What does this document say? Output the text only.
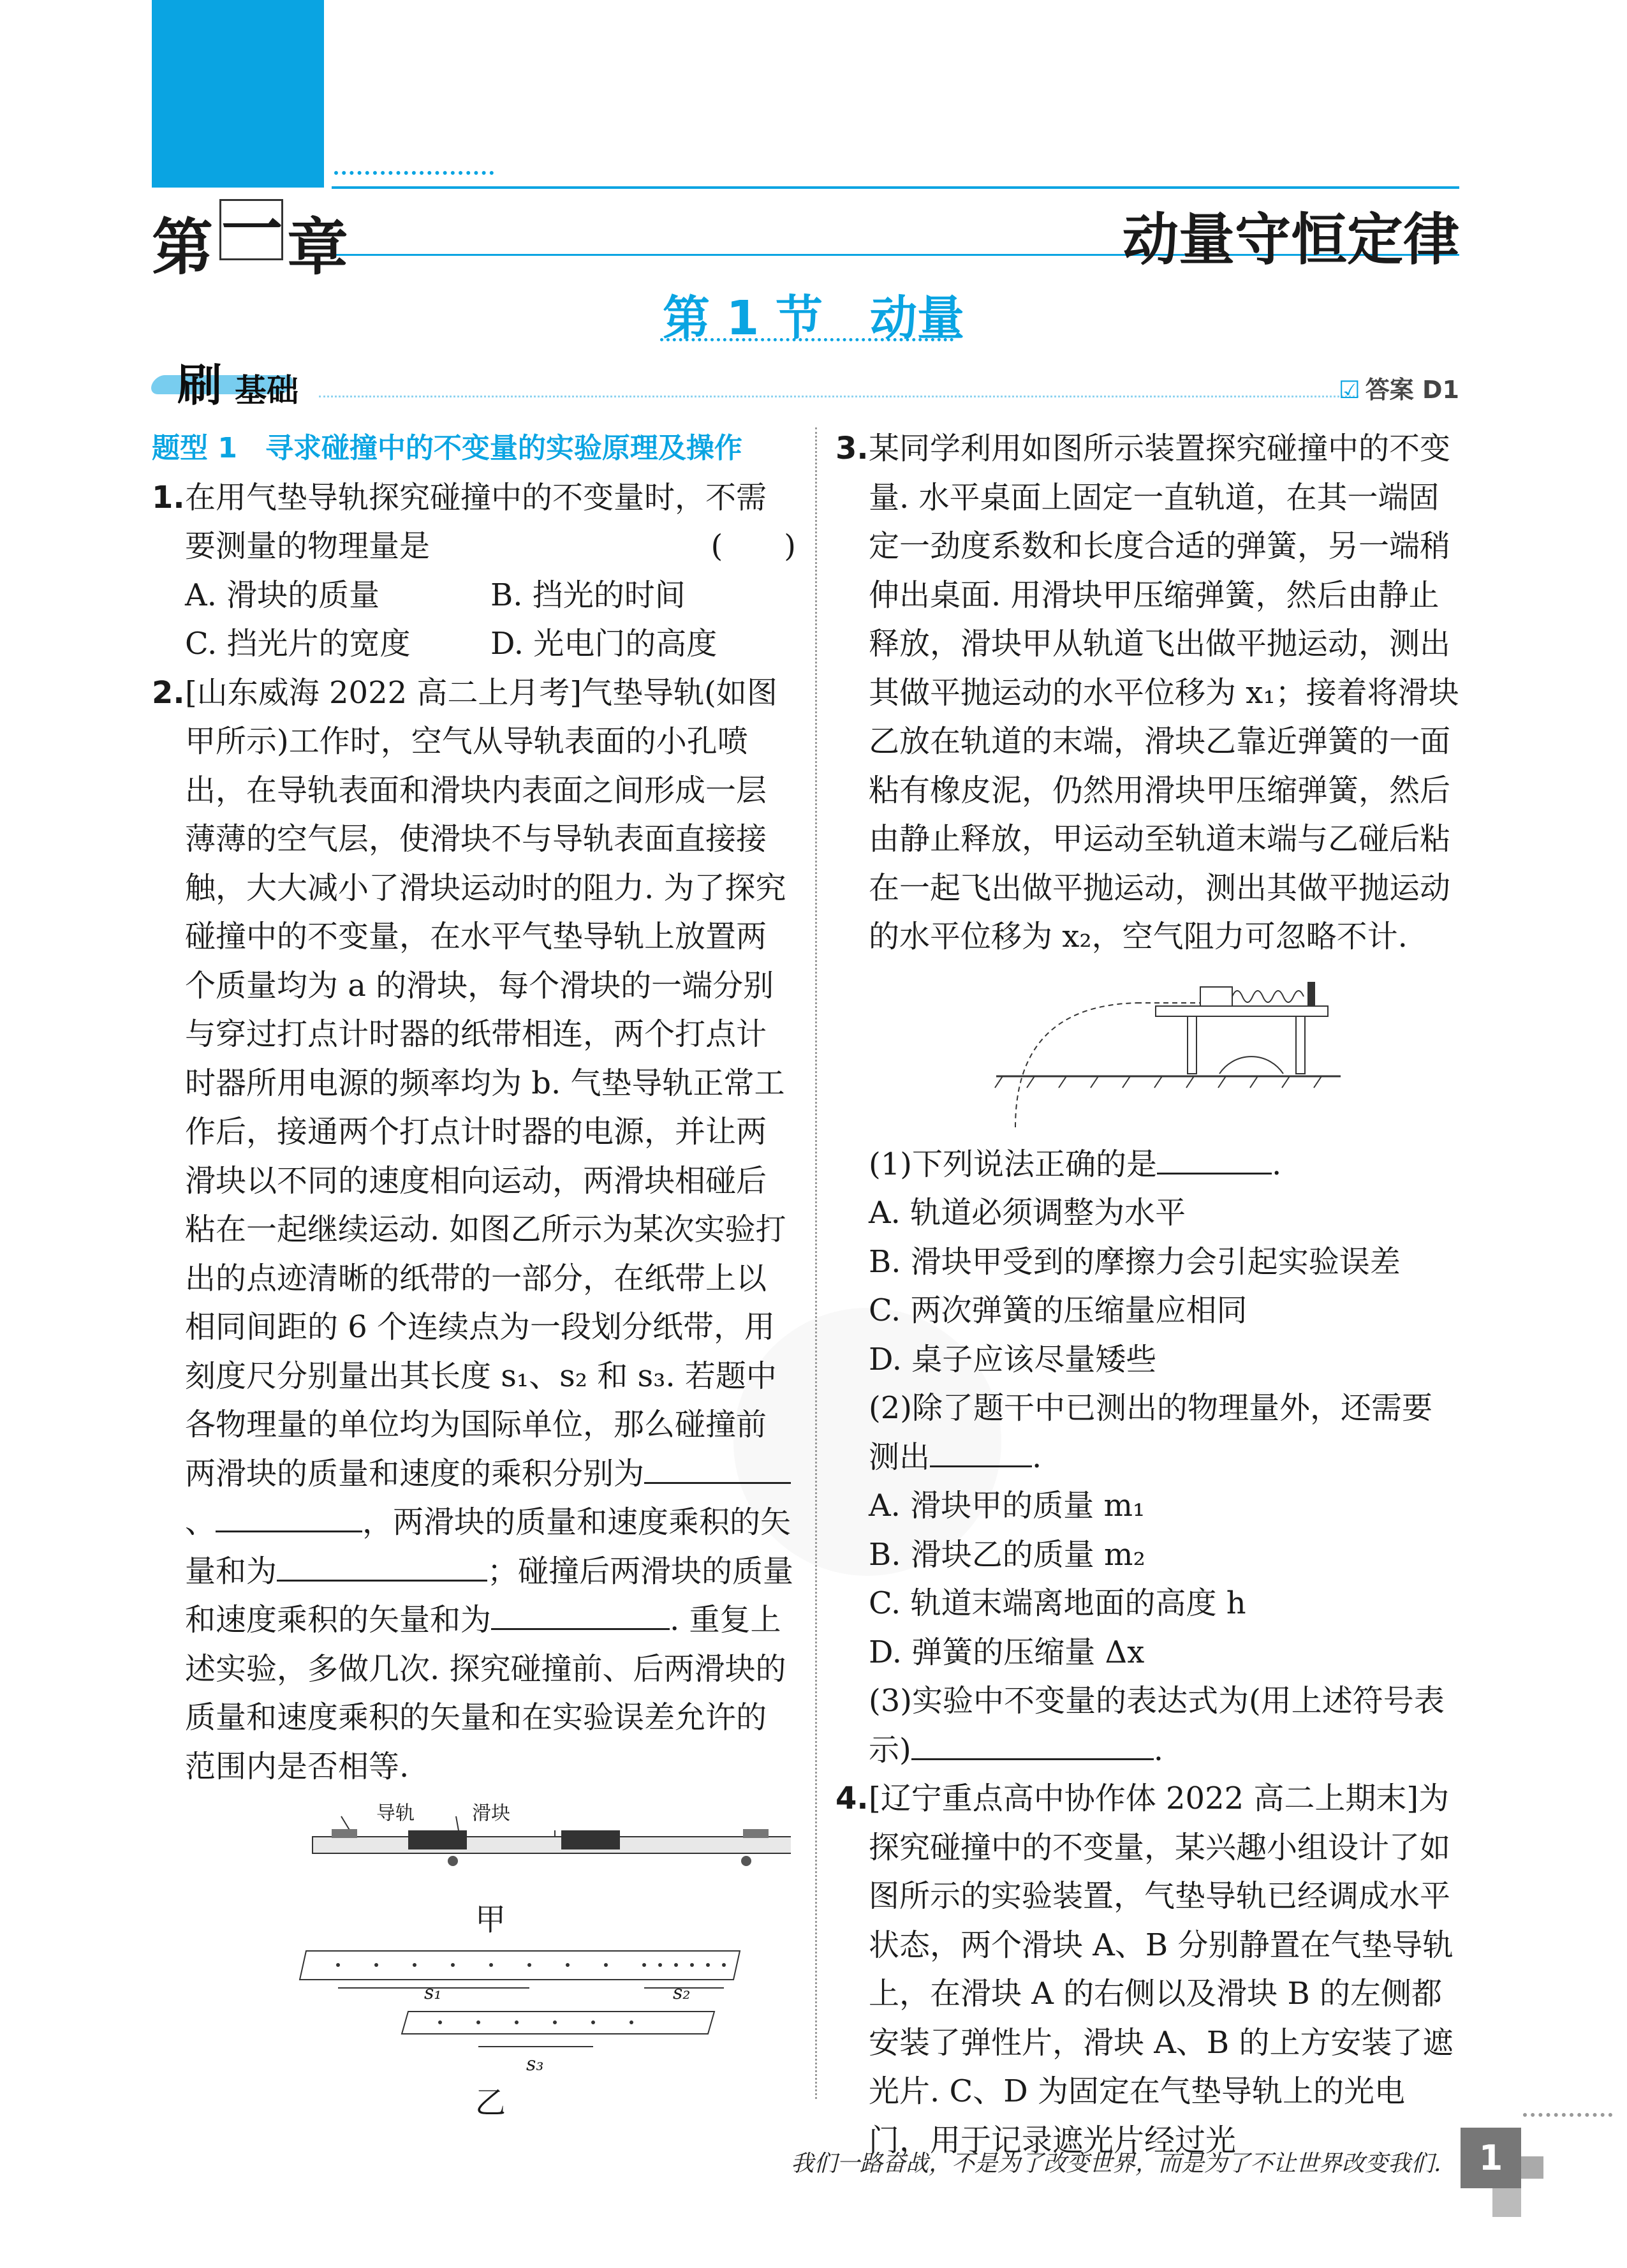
第一章	动量守恒定律
第 1 节　动量
刷 基础	☑ 答案 D1
题型 1　 寻求碰撞中的不变量的实验原理及操作
1. 在用气垫导轨探究碰撞中的不变量时，不需要测量的物理量是	(　　)
A. 滑块的质量	B. 挡光的时间
C. 挡光片的宽度	D. 光电门的高度
2. [山东威海 2022 高二上月考]气垫导轨(如图甲所示)工作时，空气从导轨表面的小孔喷出，在导轨表面和滑块内表面之间形成一层薄薄的空气层，使滑块不与导轨表面直接接触，大大减小了滑块运动时的阻力. 为了探究碰撞中的不变量，在水平气垫导轨上放置两个质量均为 a 的滑块，每个滑块的一端分别与穿过打点计时器的纸带相连，两个打点计时器所用电源的频率均为 b. 气垫导轨正常工作后，接通两个打点计时器的电源，并让两滑块以不同的速度相向运动，两滑块相碰后粘在一起继续运动. 如图乙所示为某次实验打出的点迹清晰的纸带的一部分，在纸带上以相同间距的 6 个连续点为一段划分纸带，用刻度尺分别量出其长度 s₁、s₂ 和 s₃. 若题中各物理量的单位均为国际单位，那么碰撞前两滑块的质量和速度的乘积分别为、	，两滑块的质量和速度乘积的矢量和为	；碰撞后两滑块的质量和速度乘积的矢量和为	. 重复上述实验，多做几次. 探究碰撞前、后两滑块的质量和速度乘积的矢量和在实验误差允许的范围内是否相等.
导轨	滑块
甲
s₁	s₂
s₃
乙
3. 某同学利用如图所示装置探究碰撞中的不变量. 水平桌面上固定一直轨道，在其一端固定一劲度系数和长度合适的弹簧，另一端稍伸出桌面. 用滑块甲压缩弹簧，然后由静止释放，滑块甲从轨道飞出做平抛运动，测出其做平抛运动的水平位移为 x₁；接着将滑块乙放在轨道的末端，滑块乙靠近弹簧的一面粘有橡皮泥，仍然用滑块甲压缩弹簧，然后由静止释放，甲运动至轨道末端与乙碰后粘在一起飞出做平抛运动，测出其做平抛运动的水平位移为 x₂，空气阻力可忽略不计.
(1)下列说法正确的是	.
A. 轨道必须调整为水平
B. 滑块甲受到的摩擦力会引起实验误差
C. 两次弹簧的压缩量应相同
D. 桌子应该尽量矮些
(2)除了题干中已测出的物理量外，还需要测出	.
A. 滑块甲的质量 m₁
B. 滑块乙的质量 m₂
C. 轨道末端离地面的高度 h
D. 弹簧的压缩量 Δx
(3)实验中不变量的表达式为(用上述符号表示)	.
4. [辽宁重点高中协作体 2022 高二上期末]为探究碰撞中的不变量，某兴趣小组设计了如图所示的实验装置，气垫导轨已经调成水平状态，两个滑块 A、B 分别静置在气垫导轨上，在滑块 A 的右侧以及滑块 B 的左侧都安装了弹性片，滑块 A、B 的上方安装了遮光片. C、D 为固定在气垫导轨上的光电门，用于记录遮光片经过光
我们一路奋战，不是为了改变世界，而是为了不让世界改变我们.	1
